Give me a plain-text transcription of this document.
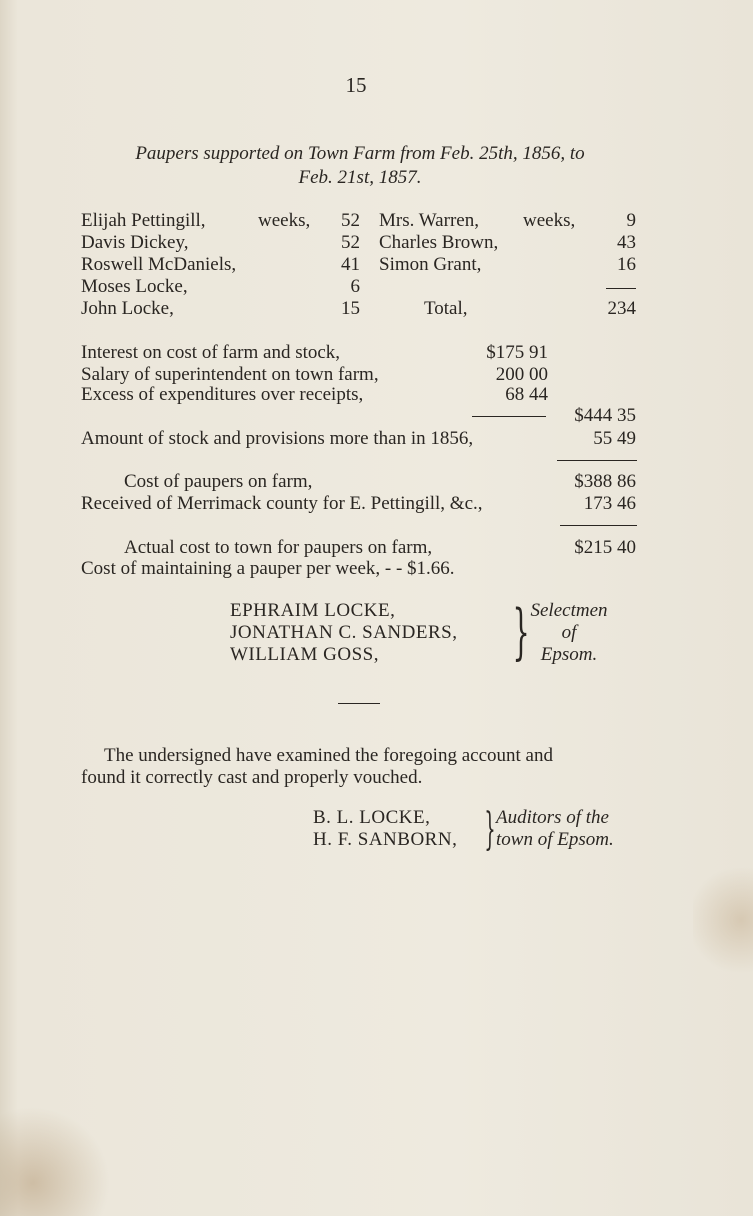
15
Paupers supported on Town Farm from Feb. 25th, 1856, to
Feb. 21st, 1857.
Elijah Pettingill,	weeks,	52
Davis Dickey,	52
Roswell McDaniels,	41
Moses Locke,	6
John Locke,	15
Mrs. Warren, weeks,	9
Charles Brown,	43
Simon Grant,	16
Total,	234
Interest on cost of farm and stock,	$175 91
Salary of superintendent on town farm,	200 00
Excess of expenditures over receipts,	68 44
$444 35
Amount of stock and provisions more than in 1856,	55 49
Cost of paupers on farm,	$388 86
Received of Merrimack county for E. Pettingill, &c.,	173 46
Actual cost to town for paupers on farm,	$215 40
Cost of maintaining a pauper per week, - - $1.66.
EPHRAIM LOCKE,
JONATHAN C. SANDERS,
WILLIAM GOSS, } Selectmen
of
Epsom.
The undersigned have examined the foregoing account and
found it correctly cast and properly vouched.
B. L. LOCKE,
H. F. SANBORN, } Auditors of the
town of Epsom.
